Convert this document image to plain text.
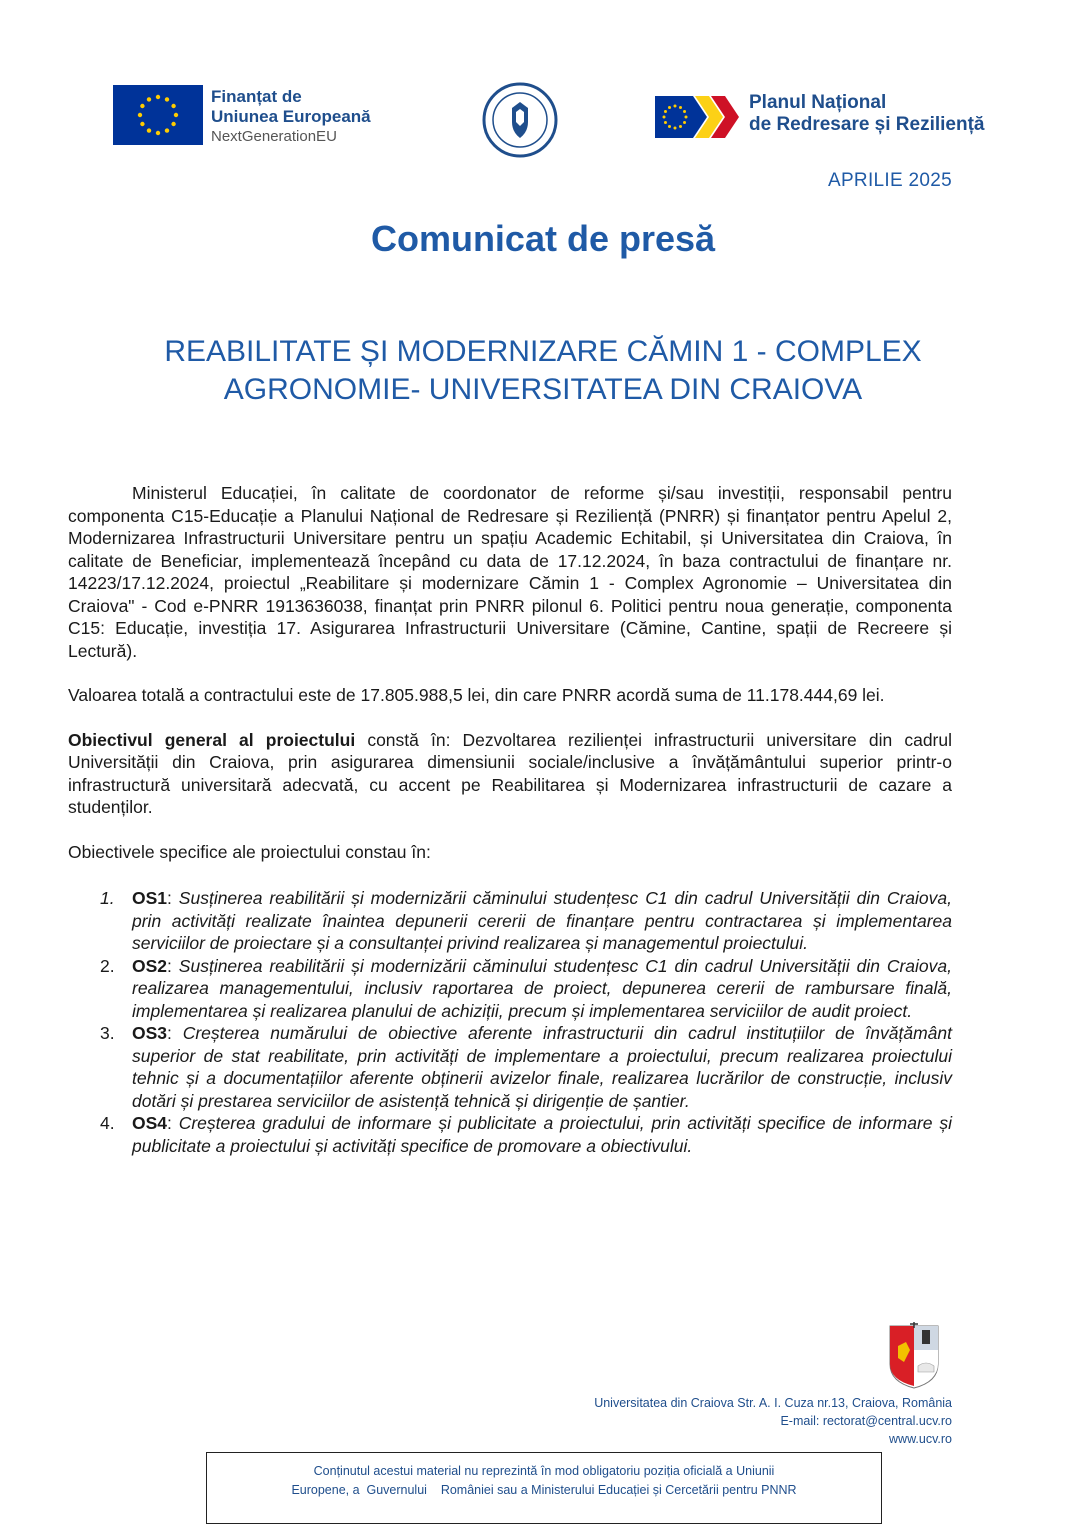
Finanțat de
Uniunea Europeană
NextGenerationEU
Planul Național
de Redresare și Reziliență
APRILIE 2025
Comunicat de presă
REABILITATE ȘI MODERNIZARE CĂMIN 1 - COMPLEX
AGRONOMIE- UNIVERSITATEA DIN CRAIOVA

Ministerul Educației, în calitate de coordonator de reforme și/sau investiții, responsabil pentru componenta C15-Educație a Planului Național de Redresare și Reziliență (PNRR) și finanțator pentru Apelul 2, Modernizarea Infrastructurii Universitare pentru un spațiu Academic Echitabil, și Universitatea din Craiova, în calitate de Beneficiar, implementează începând cu data de 17.12.2024, în baza contractului de finanțare nr. 14223/17.12.2024, proiectul „Reabilitare și modernizare Cămin 1 - Complex Agronomie – Universitatea din Craiova" - Cod e-PNRR 1913636038, finanțat prin PNRR pilonul 6. Politici pentru noua generație, componenta C15: Educație, investiția 17. Asigurarea Infrastructurii Universitare (Cămine, Cantine, spații de Recreere și Lectură).

Valoarea totală a contractului este de 17.805.988,5 lei, din care PNRR acordă suma de 11.178.444,69 lei.

Obiectivul general al proiectului constă în: Dezvoltarea rezilienței infrastructurii universitare din cadrul Universității din Craiova, prin asigurarea dimensiunii sociale/inclusive a învățământului superior printr-o infrastructură universitară adecvată, cu accent pe Reabilitarea și Modernizarea infrastructurii de cazare a studenților.

Obiectivele specifice ale proiectului constau în:

1. OS1: Susținerea reabilitării și modernizării căminului studențesc C1 din cadrul Universității din Craiova, prin activități realizate înaintea depunerii cererii de finanțare pentru contractarea și implementarea serviciilor de proiectare și a consultanței privind realizarea și managementul proiectului.
2. OS2: Susținerea reabilitării și modernizării căminului studențesc C1 din cadrul Universității din Craiova, realizarea managementului, inclusiv raportarea de proiect, depunerea cererii de rambursare finală, implementarea și realizarea planului de achiziții, precum și implementarea serviciilor de audit proiect.
3. OS3: Creșterea numărului de obiective aferente infrastructurii din cadrul instituțiilor de învățământ superior de stat reabilitate, prin activități de implementare a proiectului, precum realizarea proiectului tehnic și a documentațiilor aferente obținerii avizelor finale, realizarea lucrărilor de construcție, inclusiv dotări și prestarea serviciilor de asistență tehnică și dirigenție de șantier.
4. OS4: Creșterea gradului de informare și publicitate a proiectului, prin activități specifice de informare și publicitate a proiectului și activități specifice de promovare a obiectivului.
Universitatea din Craiova Str. A. I. Cuza nr.13, Craiova, România
E-mail: rectorat@central.ucv.ro
www.ucv.ro
Conținutul acestui material nu reprezintă în mod obligatoriu poziția oficială a Uniunii
Europene, a  Guvernului    României sau a Ministerului Educației și Cercetării pentru PNNR
